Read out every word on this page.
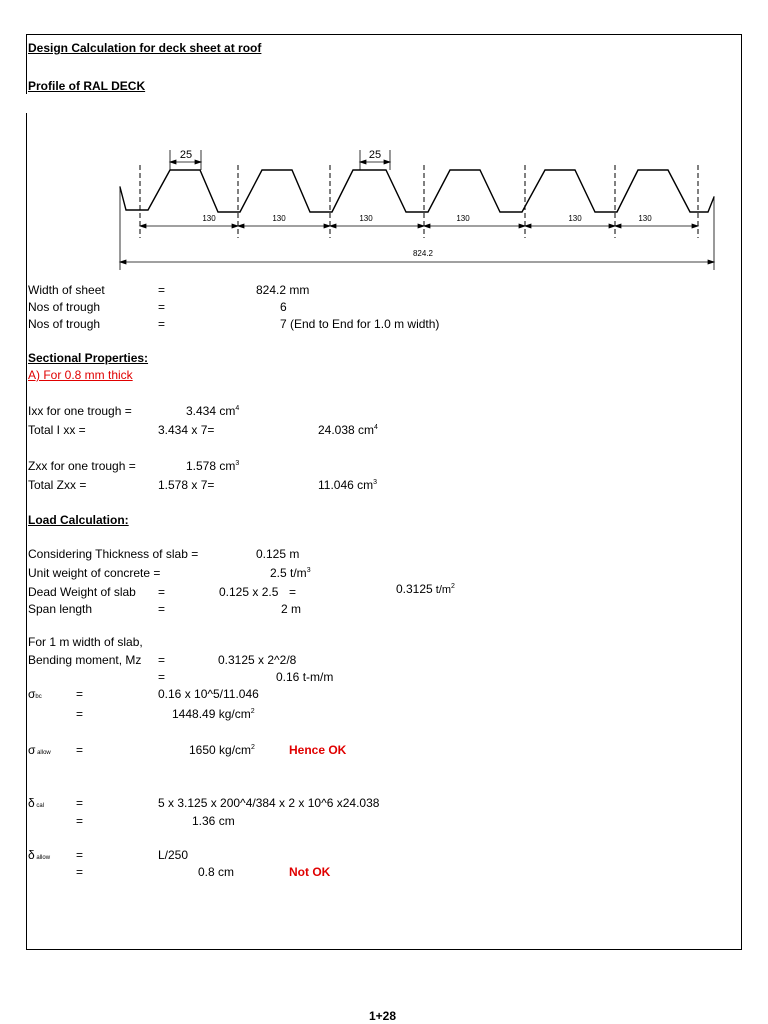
Design Calculation for deck sheet at roof
Profile of RAL DECK
25	25
130	130	130	130	130	130
824.2
Width of sheet	=	824.2 mm
Nos of trough	=	6
Nos of trough	=	7 (End to End for 1.0 m width)
Sectional Properties:
A) For 0.8 mm thick
Ixx for one trough =	3.434 $cm^4$
Total I xx =	3.434 x 7=	24.038 $cm^4$
Zxx for one trough =	1.578 $cm^3$
Total Zxx =	1.578 x 7=	11.046 $cm^3$
Load Calculation:
Considering Thickness of slab =	0.125 m
Unit weight of concrete =	2.5 $t/m^3$
Dead Weight of slab =	0.125 x 2.5 =	0.3125 $t/m^2$
Span length	=	2 m
For 1 m width of slab,
Bending moment, Mz =	0.3125 x 2^2/8
=	0.16 t-m/m
σbc	=	0.16 x 10^5/11.046
=	1448.49 $kg/cm^2$
σ allow =	1650 $kg/cm^2$	Hence OK
δ cal	=	5 x 3.125 x 200^4/384 x 2 x 10^6 x24.038
=	1.36 cm
δ allow =	L/250
=	0.8 cm	Not OK
1+28
